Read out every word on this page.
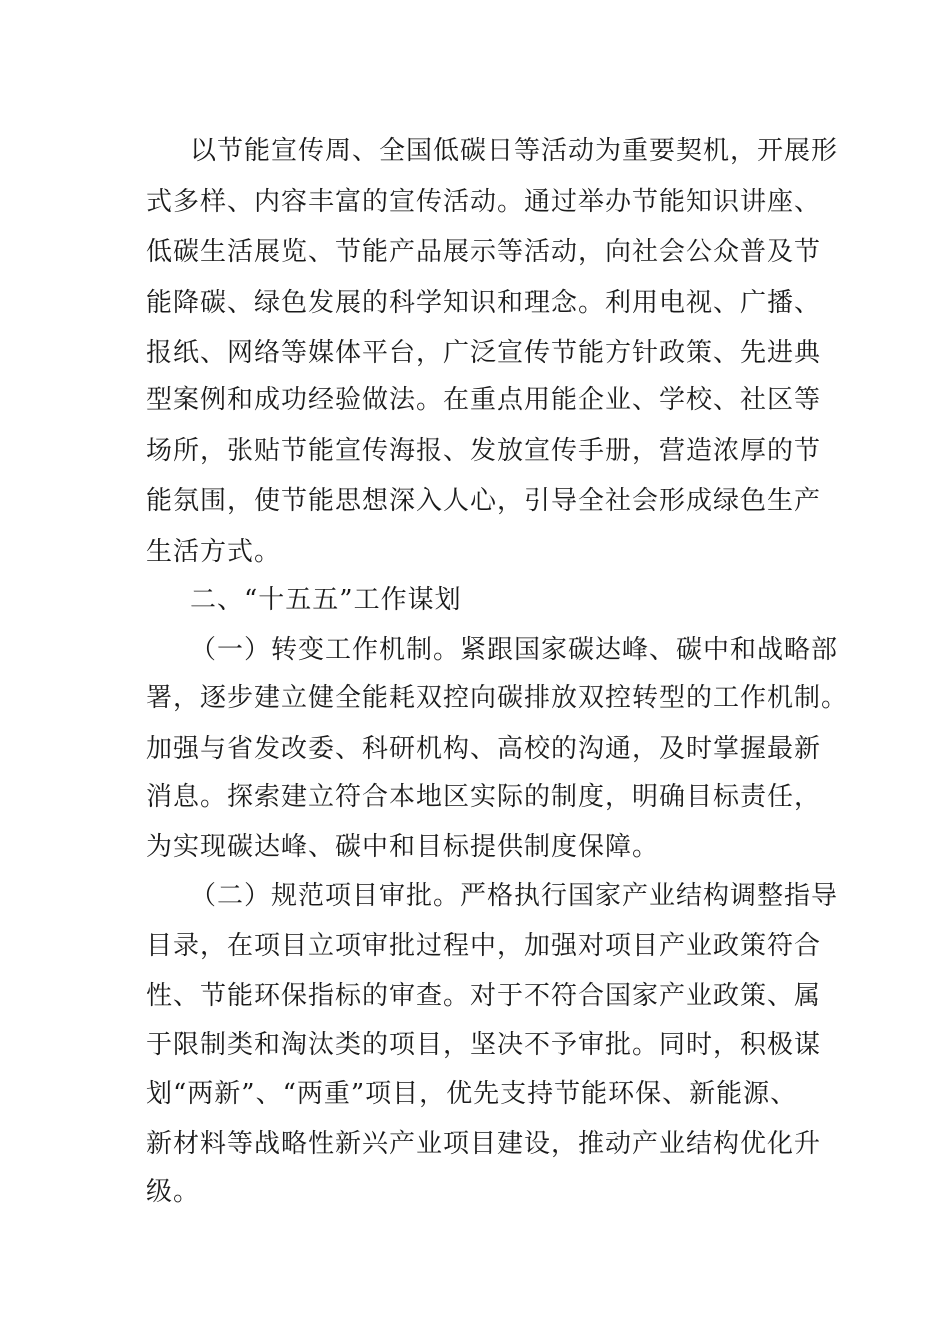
以节能宣传周、全国低碳日等活动为重要契机，开展形
式多样、内容丰富的宣传活动。通过举办节能知识讲座、
低碳生活展览、节能产品展示等活动，向社会公众普及节
能降碳、绿色发展的科学知识和理念。利用电视、广播、
报纸、网络等媒体平台，广泛宣传节能方针政策、先进典
型案例和成功经验做法。在重点用能企业、学校、社区等
场所，张贴节能宣传海报、发放宣传手册，营造浓厚的节
能氛围，使节能思想深入人心，引导全社会形成绿色生产
生活方式。
二、“十五五”工作谋划
（一）转变工作机制。紧跟国家碳达峰、碳中和战略部
署，逐步建立健全能耗双控向碳排放双控转型的工作机制。
加强与省发改委、科研机构、高校的沟通，及时掌握最新
消息。探索建立符合本地区实际的制度，明确目标责任，
为实现碳达峰、碳中和目标提供制度保障。
（二）规范项目审批。严格执行国家产业结构调整指导
目录，在项目立项审批过程中，加强对项目产业政策符合
性、节能环保指标的审查。对于不符合国家产业政策、属
于限制类和淘汰类的项目，坚决不予审批。同时，积极谋
划“两新”、“两重”项目，优先支持节能环保、新能源、
新材料等战略性新兴产业项目建设，推动产业结构优化升
级。
